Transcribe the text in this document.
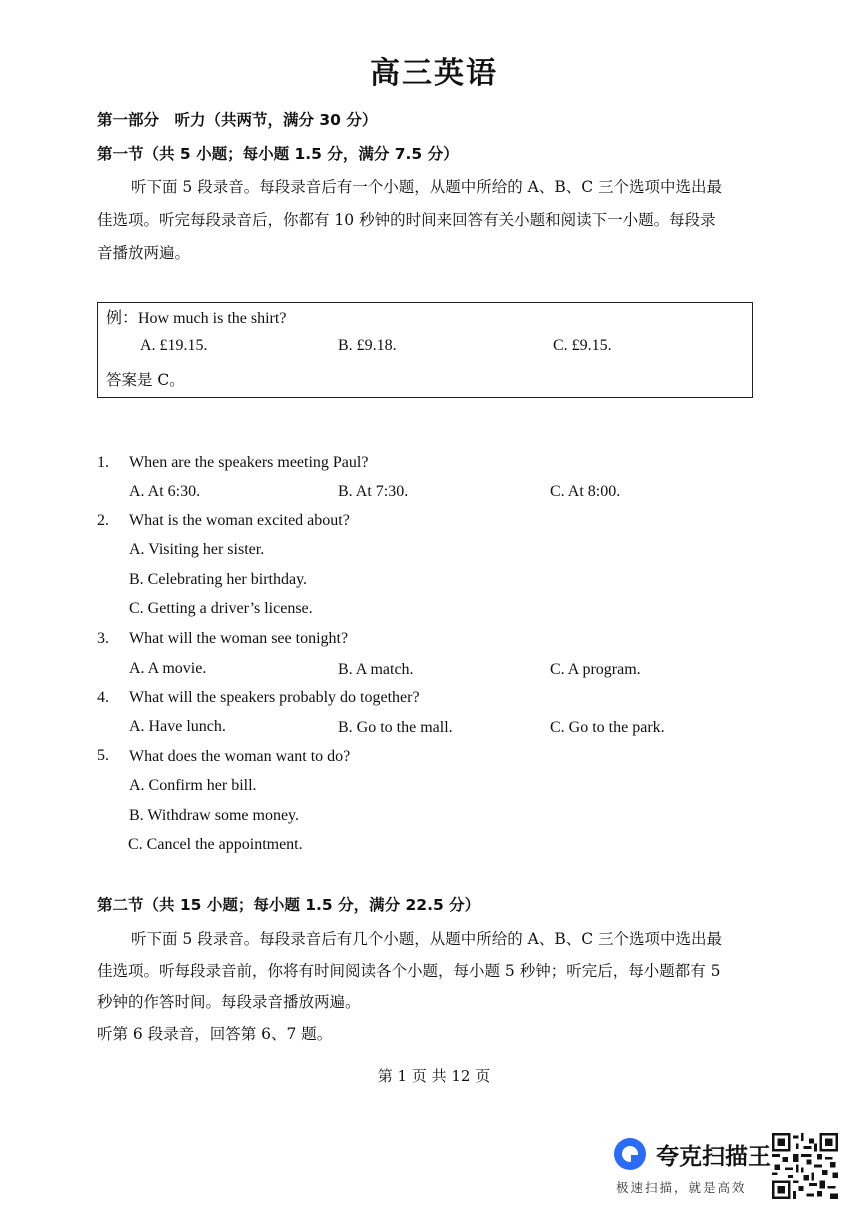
高三英语
第一部分　听力（共两节，满分 30 分）
第一节（共 5 小题；每小题 1.5 分，满分 7.5 分）
听下面 5 段录音。每段录音后有一个小题，从题中所给的 A、B、C 三个选项中选出最
佳选项。听完每段录音后，你都有 10 秒钟的时间来回答有关小题和阅读下一小题。每段录
音播放两遍。
例：How much is the shirt?
A. £19.15.	B. £9.18.	C. £9.15.
答案是 C。
1. When are the speakers meeting Paul?
A. At 6:30.	B. At 7:30.	C. At 8:00.
2. What is the woman excited about?
A. Visiting her sister.
B. Celebrating her birthday.
C. Getting a driver’s license.
3. What will the woman see tonight?
A. A movie.	B. A match.	C. A program.
4. What will the speakers probably do together?
A. Have lunch.	B. Go to the mall.	C. Go to the park.
5. What does the woman want to do?
A. Confirm her bill.
B. Withdraw some money.
C. Cancel the appointment.
第二节（共 15 小题；每小题 1.5 分，满分 22.5 分）
听下面 5 段录音。每段录音后有几个小题，从题中所给的 A、B、C 三个选项中选出最
佳选项。听每段录音前，你将有时间阅读各个小题，每小题 5 秒钟；听完后，每小题都有 5
秒钟的作答时间。每段录音播放两遍。
听第 6 段录音，回答第 6、7 题。
第 1 页 共 12 页
夸克扫描王
极速扫描，就是高效
